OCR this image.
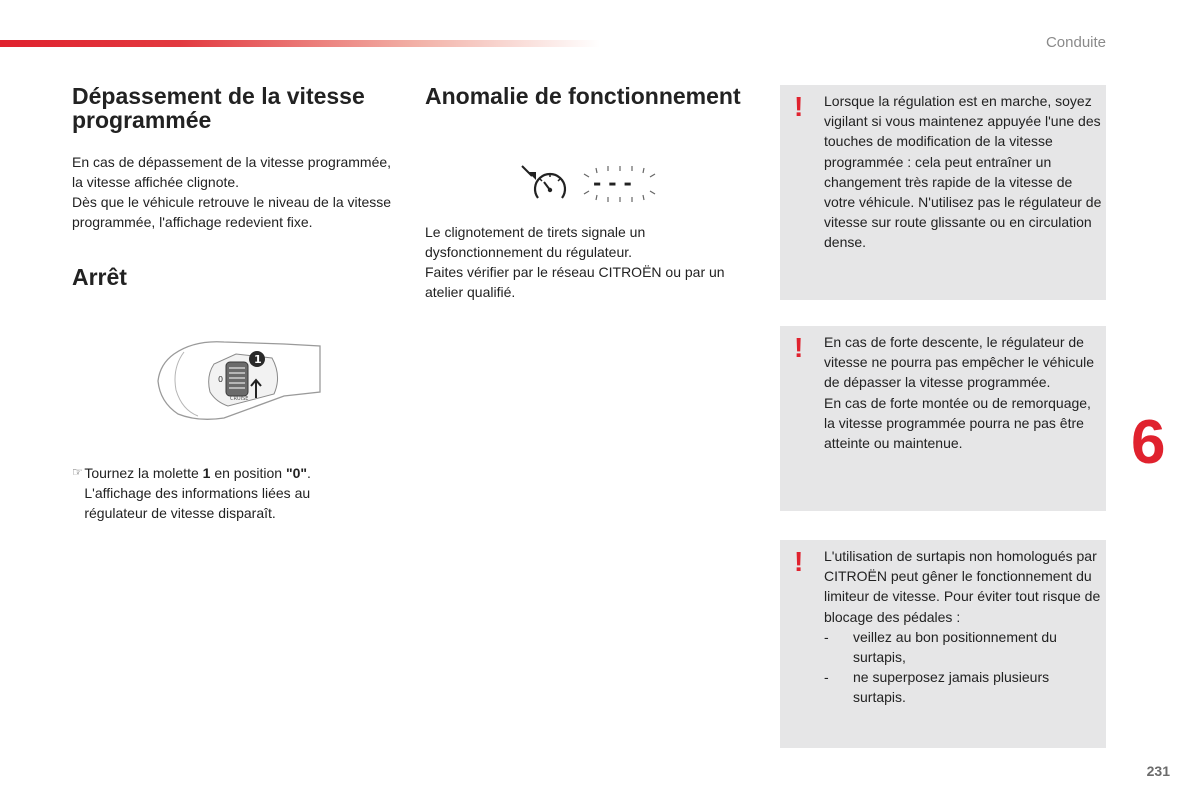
Conduite
6
231
Dépassement de la vitesse programmée

En cas de dépassement de la vitesse programmée, la vitesse affichée clignote.

Dès que le véhicule retrouve le niveau de la vitesse programmée, l'affichage redevient fixe.

Arrêt
0
1
CRUISE
☞ Tournez la molette 1 en position "0". L'affichage des informations liées au régulateur de vitesse disparaît.

Anomalie de fonctionnement
- - -

Le clignotement de tirets signale un dysfonctionnement du régulateur.

Faites vérifier par le réseau CITROËN ou par un atelier qualifié.

! Lorsque la régulation est en marche, soyez vigilant si vous maintenez appuyée l'une des touches de modification de la vitesse programmée : cela peut entraîner un changement très rapide de la vitesse de votre véhicule. N'utilisez pas le régulateur de vitesse sur route glissante ou en circulation dense.

! En cas de forte descente, le régulateur de vitesse ne pourra pas empêcher le véhicule de dépasser la vitesse programmée.

En cas de forte montée ou de remorquage, la vitesse programmée pourra ne pas être atteinte ou maintenue.

! L'utilisation de surtapis non homologués par CITROËN peut gêner le fonctionnement du limiteur de vitesse. Pour éviter tout risque de blocage des pédales :

-	veillez au bon positionnement du surtapis,
-	ne superposez jamais plusieurs surtapis.
